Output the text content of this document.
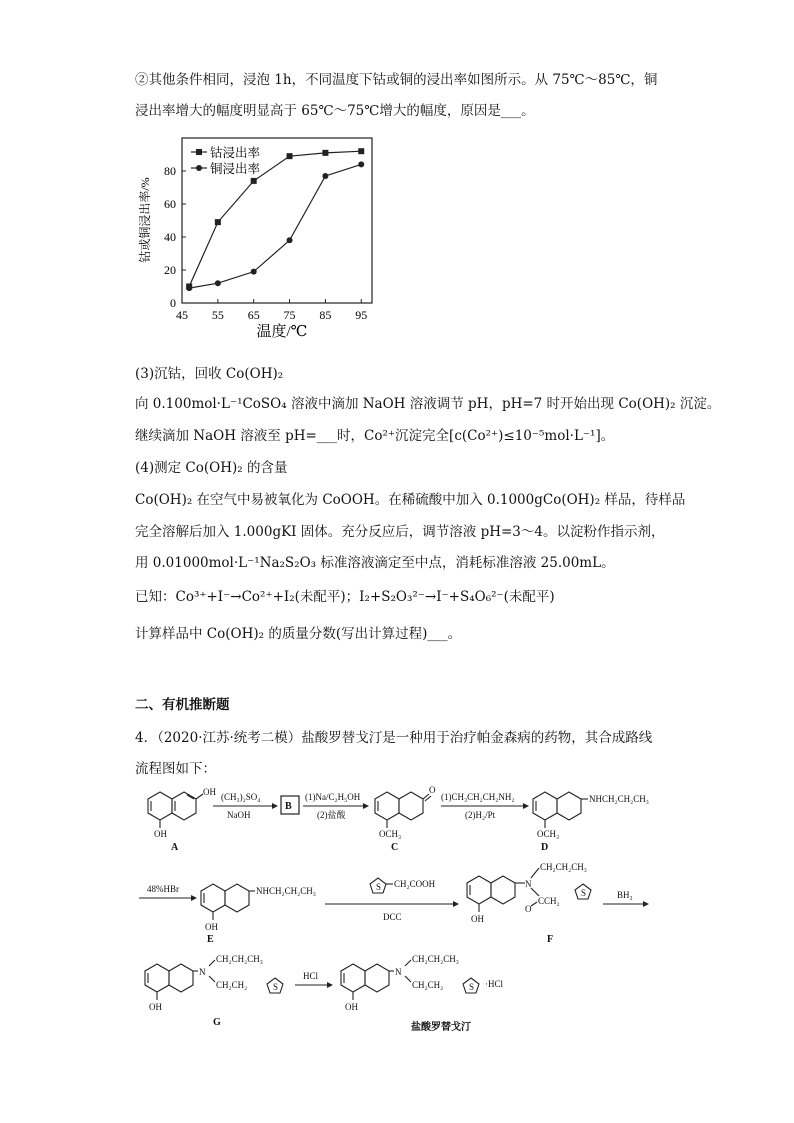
②其他条件相同，浸泡 1h，不同温度下钴或铜的浸出率如图所示。从 75℃～85℃，铜
浸出率增大的幅度明显高于 65℃～75℃增大的幅度，原因是___。
45 55 65 75 85 95
0
20
40
60
80
钴或铜浸出率/%
温度/℃
钴浸出率
铜浸出率
(3)沉钴，回收 Co(OH)₂
向 0.100mol·L⁻¹CoSO₄ 溶液中滴加 NaOH 溶液调节 pH，pH=7 时开始出现 Co(OH)₂ 沉淀。
继续滴加 NaOH 溶液至 pH=___时，Co²⁺沉淀完全[c(Co²⁺)≤10⁻⁵mol·L⁻¹]。
(4)测定 Co(OH)₂ 的含量
Co(OH)₂ 在空气中易被氧化为 CoOOH。在稀硫酸中加入 0.1000gCo(OH)₂ 样品，待样品
完全溶解后加入 1.000gKI 固体。充分反应后，调节溶液 pH=3～4。以淀粉作指示剂，
用 0.01000mol·L⁻¹Na₂S₂O₃ 标准溶液滴定至中点，消耗标准溶液 25.00mL。
已知：Co³⁺+I⁻→Co²⁺+I₂(未配平)；I₂+S₂O₃²⁻→I⁻+S₄O₆²⁻(未配平)
计算样品中 Co(OH)₂ 的质量分数(写出计算过程)___。
二、有机推断题
4．（2020·江苏·统考二模）盐酸罗替戈汀是一种用于治疗帕金森病的药物，其合成路线
流程图如下：
OH
OH
A
(CH₃)₂SO₄
NaOH
B
(1)Na/C₂H₅OH
(2)盐酸
O
OCH₃
C
(1)CH₃CH₂CH₂NH₂
(2)H₂/Pt
NHCH₂CH₂CH₃
OCH₃
D
48%HBr	NHCH₂CH₂CH₃
OH
E
S CH₂COOH
DCC
N
CH₂CH₂CH₃
CCH₂
O
S
OH
F
BH₃
N
CH₂CH₂CH₃
CH₂CH₂	S
OH
G
HCl	N
CH₂CH₂CH₃
CH₂CH₂	S ·HCl
OH
盐酸罗替戈汀
